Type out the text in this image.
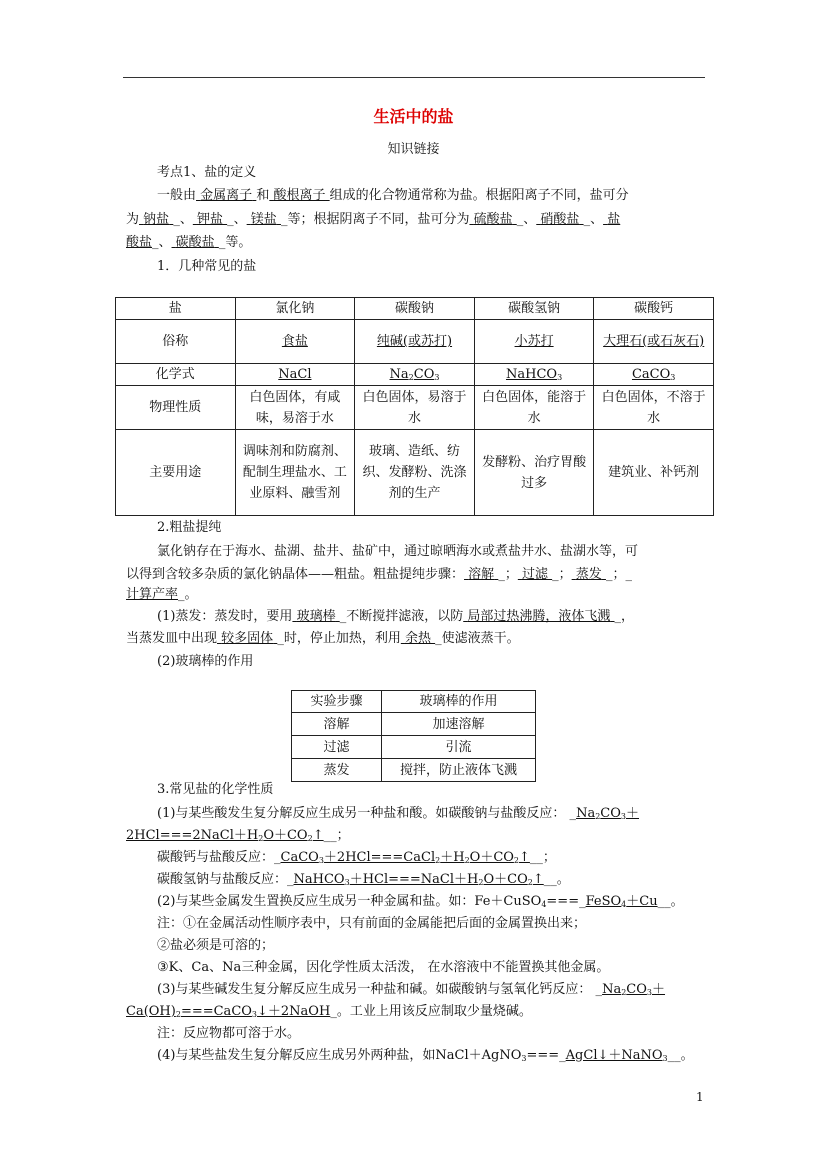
生活中的盐
知识链接
考点1、盐的定义
一般由 金属离子 和 酸根离子 组成的化合物通常称为盐。根据阳离子不同，盐可分
为 钠盐 _、 钾盐 _、 镁盐 _等；根据阴离子不同，盐可分为 硫酸盐 _、 硝酸盐 _、 盐
酸盐_、 碳酸盐 _等。
1．几种常见的盐
盐	氯化钠	碳酸钠	碳酸氢钠	碳酸钙
俗称	食盐	纯碱(或苏打)	小苏打	大理石(或石灰石)
化学式	NaCl	$Na_2CO_3$	NaHCO$_3$	CaCO$_3$
物理性质	白色固体，有咸味，易溶于水	白色固体，易溶于水	白色固体，能溶于水	白色固体，不溶于水
主要用途	调味剂和防腐剂、配制生理盐水、工业原料、融雪剂	玻璃、造纸、纺织、发酵粉、洗涤剂的生产	发酵粉、治疗胃酸过多	建筑业、补钙剂
2.粗盐提纯
氯化钠存在于海水、盐湖、盐井、盐矿中，通过晾晒海水或煮盐井水、盐湖水等，可
以得到含较多杂质的氯化钠晶体——粗盐。粗盐提纯步骤： 溶解 _； 过滤 _； 蒸发 _；_
计算产率_。
(1)蒸发：蒸发时，要用 玻璃棒 _不断搅拌滤液，以防 局部过热沸腾，液体飞溅 _，
当蒸发皿中出现 较多固体 _时，停止加热，利用 余热 _使滤液蒸干。
(2)玻璃棒的作用
实验步骤	玻璃棒的作用
溶解	加速溶解
过滤	引流
蒸发	搅拌，防止液体飞溅
3.常见盐的化学性质
(1)与某些酸发生复分解反应生成另一种盐和酸。如碳酸钠与盐酸反应： $\_Na_2CO_3+$
$2HCl===2NaCl+H_2O+CO_2↑\_\_$；
碳酸钙与盐酸反应：$\_CaCO_3+2HCl===CaCl_2+H_2O+CO_2↑\_\_$；
碳酸氢钠与盐酸反应：$\_NaHCO_3+HCl===NaCl+H_2O+CO_2↑\_\_$。
(2)与某些金属发生置换反应生成另一种金属和盐。如：Fe＋CuSO$_4$===_FeSO$_4$＋Cu__。
注：①在金属活动性顺序表中，只有前面的金属能把后面的金属置换出来；
②盐必须是可溶的；
③K、Ca、Na三种金属，因化学性质太活泼， 在水溶液中不能置换其他金属。
(3)与某些碱发生复分解反应生成另一种盐和碱。如碳酸钠与氢氧化钙反应： $\_Na_2CO_3+$
$Ca(OH)_2===CaCO_3↓+2NaOH\_$。工业上用该反应制取少量烧碱。
注：反应物都可溶于水。
(4)与某些盐发生复分解反应生成另外两种盐，如NaCl＋AgNO$_3$===_AgCl↓＋NaNO$_3$__。
1
